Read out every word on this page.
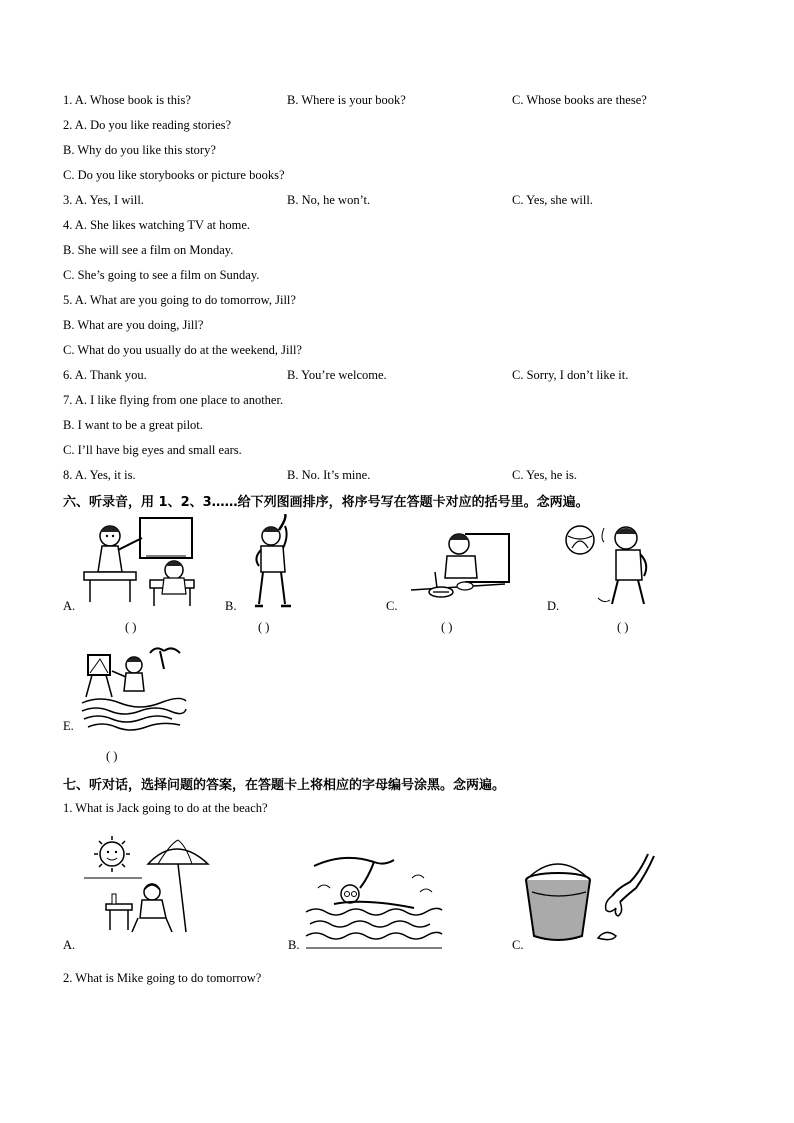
1. A. Whose book is this?	B. Where is your book?	C. Whose books are these?
2. A. Do you like reading stories?
B. Why do you like this story?
C. Do you like storybooks or picture books?
3. A. Yes, I will.	B. No, he won’t.	C. Yes, she will.
4. A. She likes watching TV at home.
B. She will see a film on Monday.
C. She’s going to see a film on Sunday.
5. A. What are you going to do tomorrow, Jill?
B. What are you doing, Jill?
C. What do you usually do at the weekend, Jill?
6. A. Thank you.	B. You’re welcome.	C. Sorry, I don’t like it.
7. A. I like flying from one place to another.
B. I want to be a great pilot.
C. I’ll have big eyes and small ears.
8. A. Yes, it is.	B. No. It’s mine.	C. Yes, he is.
六、听录音，用 1、2、3……给下列图画排序，将序号写在答题卡对应的括号里。念两遍。
A.
( )
B.
( )
C.
( )
D.
( )
E.
( )
七、听对话，选择问题的答案，在答题卡上将相应的字母编号涂黑。念两遍。
1. What is Jack going to do at the beach?
A.	B.	C.
2. What is Mike going to do tomorrow?
